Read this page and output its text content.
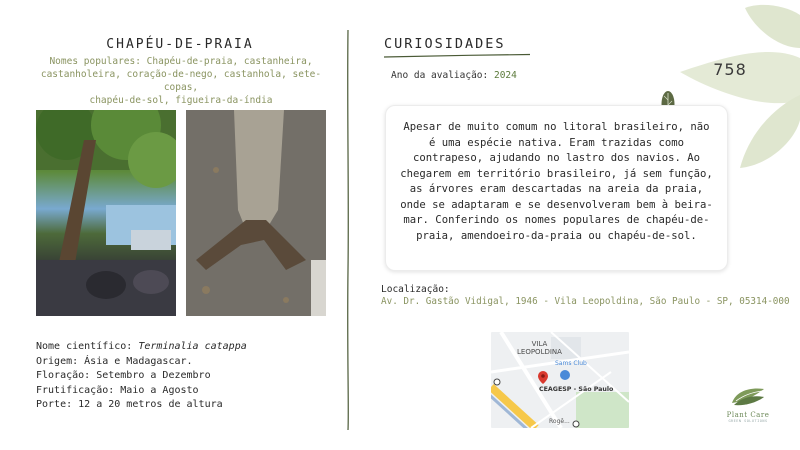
758
CHAPÉU-DE-PRAIA
Nomes populares: Chapéu-de-praia, castanheira,
castanholeira, coração-de-nego, castanhola, sete-copas,
chapéu-de-sol, figueira-da-índia
Nome científico: Terminalia catappa
Origem: Ásia e Madagascar.
Floração: Setembro a Dezembro
Frutificação: Maio a Agosto
Porte: 12 a 20 metros de altura
CURIOSIDADES
Ano da avaliação: 2024
Apesar de muito comum no litoral brasileiro, não é uma espécie nativa. Eram trazidas como contrapeso, ajudando no lastro dos navios. Ao chegarem em território brasileiro, já sem função, as árvores eram descartadas na areia da praia, onde se adaptaram e se desenvolveram bem à beira-mar. Conferindo os nomes populares de chapéu-de-praia, amendoeiro-da-praia ou chapéu-de-sol.
Localização:
Av. Dr. Gastão Vidigal, 1946 - Vila Leopoldina, São Paulo - SP, 05314-000
VILA
LEOPOLDINA
Sams Club
CEAGESP - São Paulo
Rogê...
Plant Care
GREEN SOLUTIONS
